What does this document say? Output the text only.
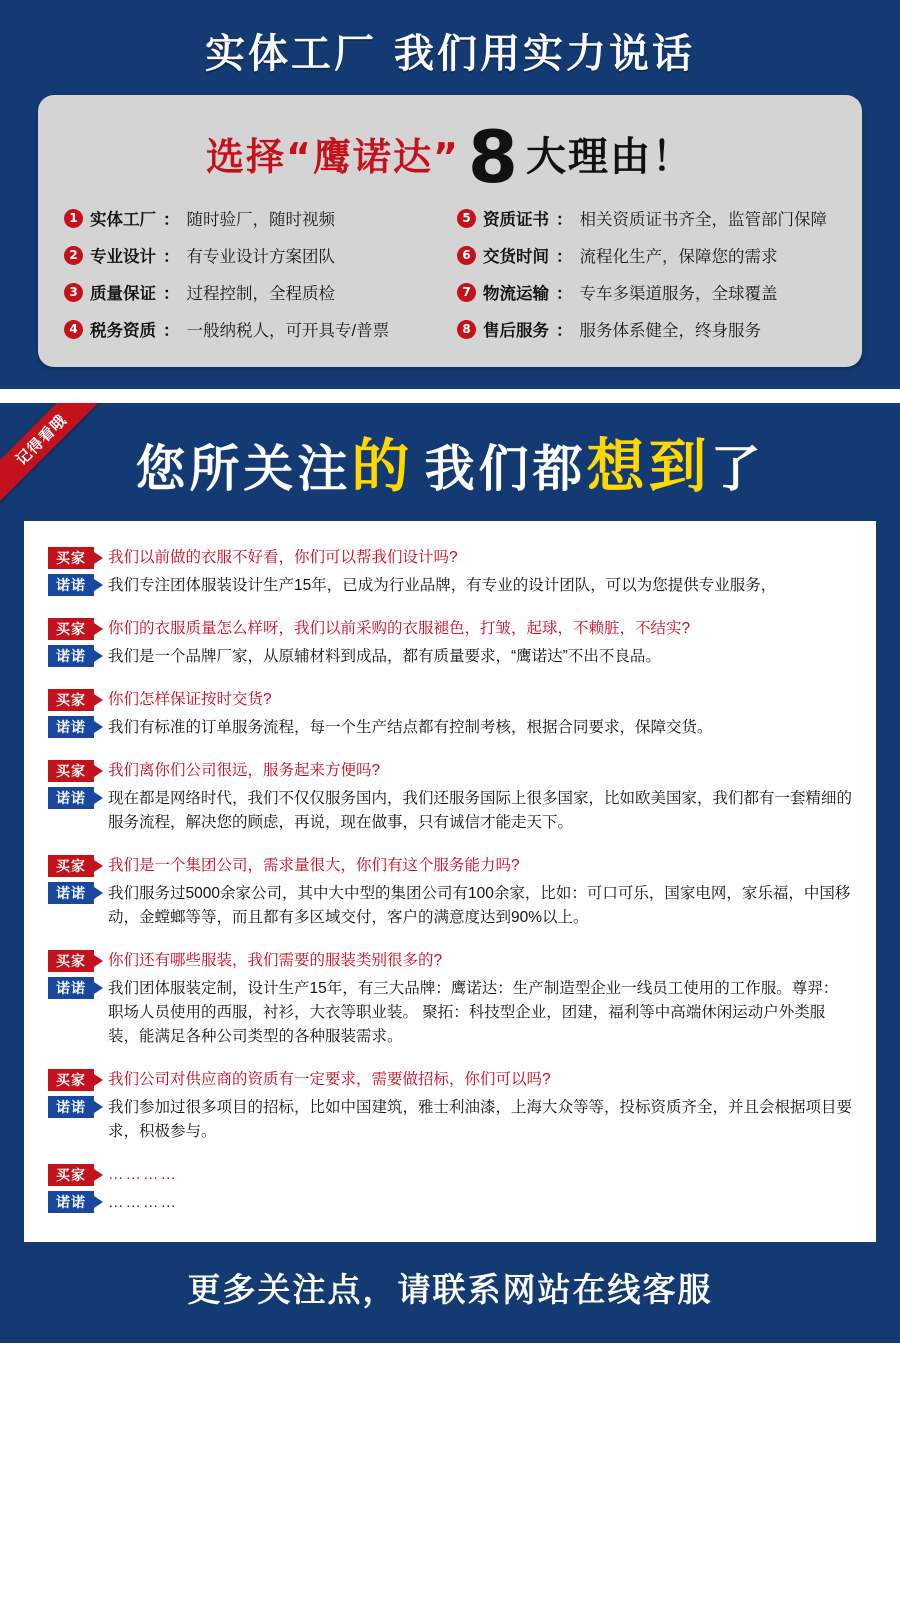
实体工厂 我们用实力说话
选择“鹰诺达” 8 大理由！
1 实体工厂 ： 随时验厂，随时视频	5 资质证书 ： 相关资质证书齐全，监管部门保障
2 专业设计 ： 有专业设计方案团队	6 交货时间 ： 流程化生产，保障您的需求
3 质量保证 ： 过程控制，全程质检	7 物流运输 ： 专车多渠道服务，全球覆盖
4 税务资质 ： 一般纳税人，可开具专/普票	8 售后服务 ： 服务体系健全，终身服务
记得看哦	您所关注的 我们都想到了
买家	我们以前做的衣服不好看，你们可以帮我们设计吗?
诺诺	我们专注团体服装设计生产15年，已成为行业品牌，有专业的设计团队，可以为您提供专业服务，
买家	你们的衣服质量怎么样呀，我们以前采购的衣服褪色，打皱，起球，不赖脏，不结实?
诺诺	我们是一个品牌厂家，从原辅材料到成品，都有质量要求，“鹰诺达”不出不良品。
买家	你们怎样保证按时交货?
诺诺	我们有标准的订单服务流程，每一个生产结点都有控制考核，根据合同要求，保障交货。
买家	我们离你们公司很远，服务起来方便吗?
诺诺	现在都是网络时代，我们不仅仅服务国内，我们还服务国际上很多国家，比如欧美国家，我们都有一套精细的服务流程，解决您的顾虑，再说，现在做事，只有诚信才能走天下。
买家	我们是一个集团公司，需求量很大，你们有这个服务能力吗?
诺诺	我们服务过5000余家公司，其中大中型的集团公司有100余家，比如：可口可乐，国家电网，家乐福，中国移动，金螳螂等等，而且都有多区域交付，客户的满意度达到90%以上。
买家	你们还有哪些服装，我们需要的服装类别很多的?
诺诺	我们团体服装定制，设计生产15年，有三大品牌：鹰诺达：生产制造型企业一线员工使用的工作服。尊羿：职场人员使用的西服，衬衫，大衣等职业装。 聚拓：科技型企业，团建，福利等中高端休闲运动户外类服装，能满足各种公司类型的各种服装需求。
买家	我们公司对供应商的资质有一定要求，需要做招标，你们可以吗?
诺诺	我们参加过很多项目的招标，比如中国建筑，雅士利油漆，上海大众等等，投标资质齐全，并且会根据项目要求，积极参与。
买家	…………
诺诺	…………
更多关注点，请联系网站在线客服
